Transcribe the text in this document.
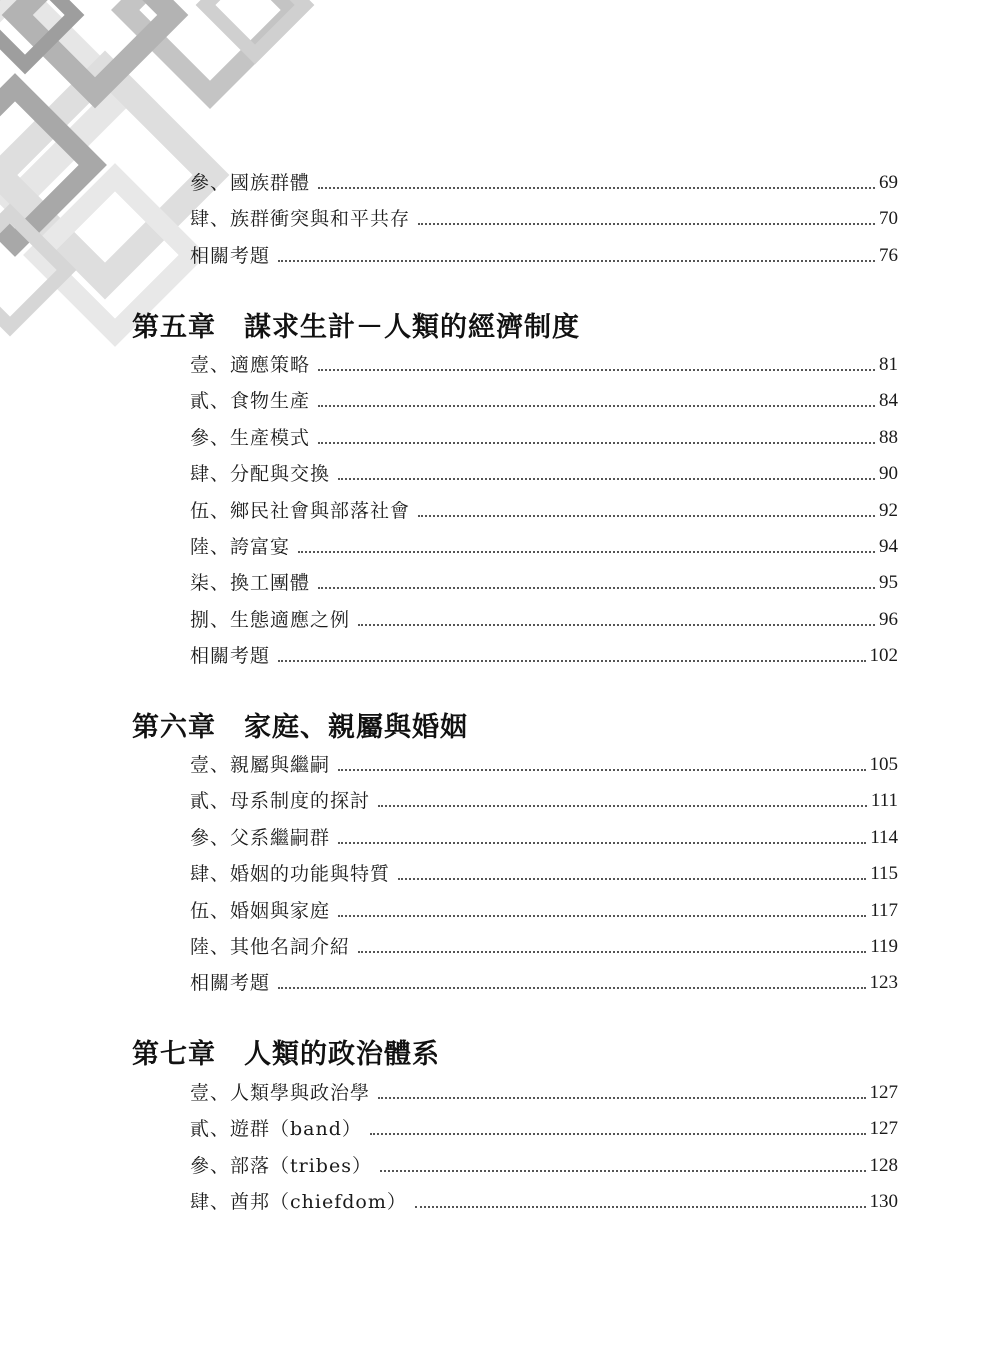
參、國族群體	69
肆、族群衝突與和平共存	70
相關考題	76
第五章 謀求生計－人類的經濟制度
壹、適應策略	81
貳、食物生產	84
參、生產模式	88
肆、分配與交換	90
伍、鄉民社會與部落社會	92
陸、誇富宴	94
柒、換工團體	95
捌、生態適應之例	96
相關考題	102
第六章 家庭、親屬與婚姻
壹、親屬與繼嗣	105
貳、母系制度的探討	111
參、父系繼嗣群	114
肆、婚姻的功能與特質	115
伍、婚姻與家庭	117
陸、其他名詞介紹	119
相關考題	123
第七章 人類的政治體系
壹、人類學與政治學	127
貳、遊群（band）	127
參、部落（tribes）	128
肆、酋邦（chiefdom）	130
